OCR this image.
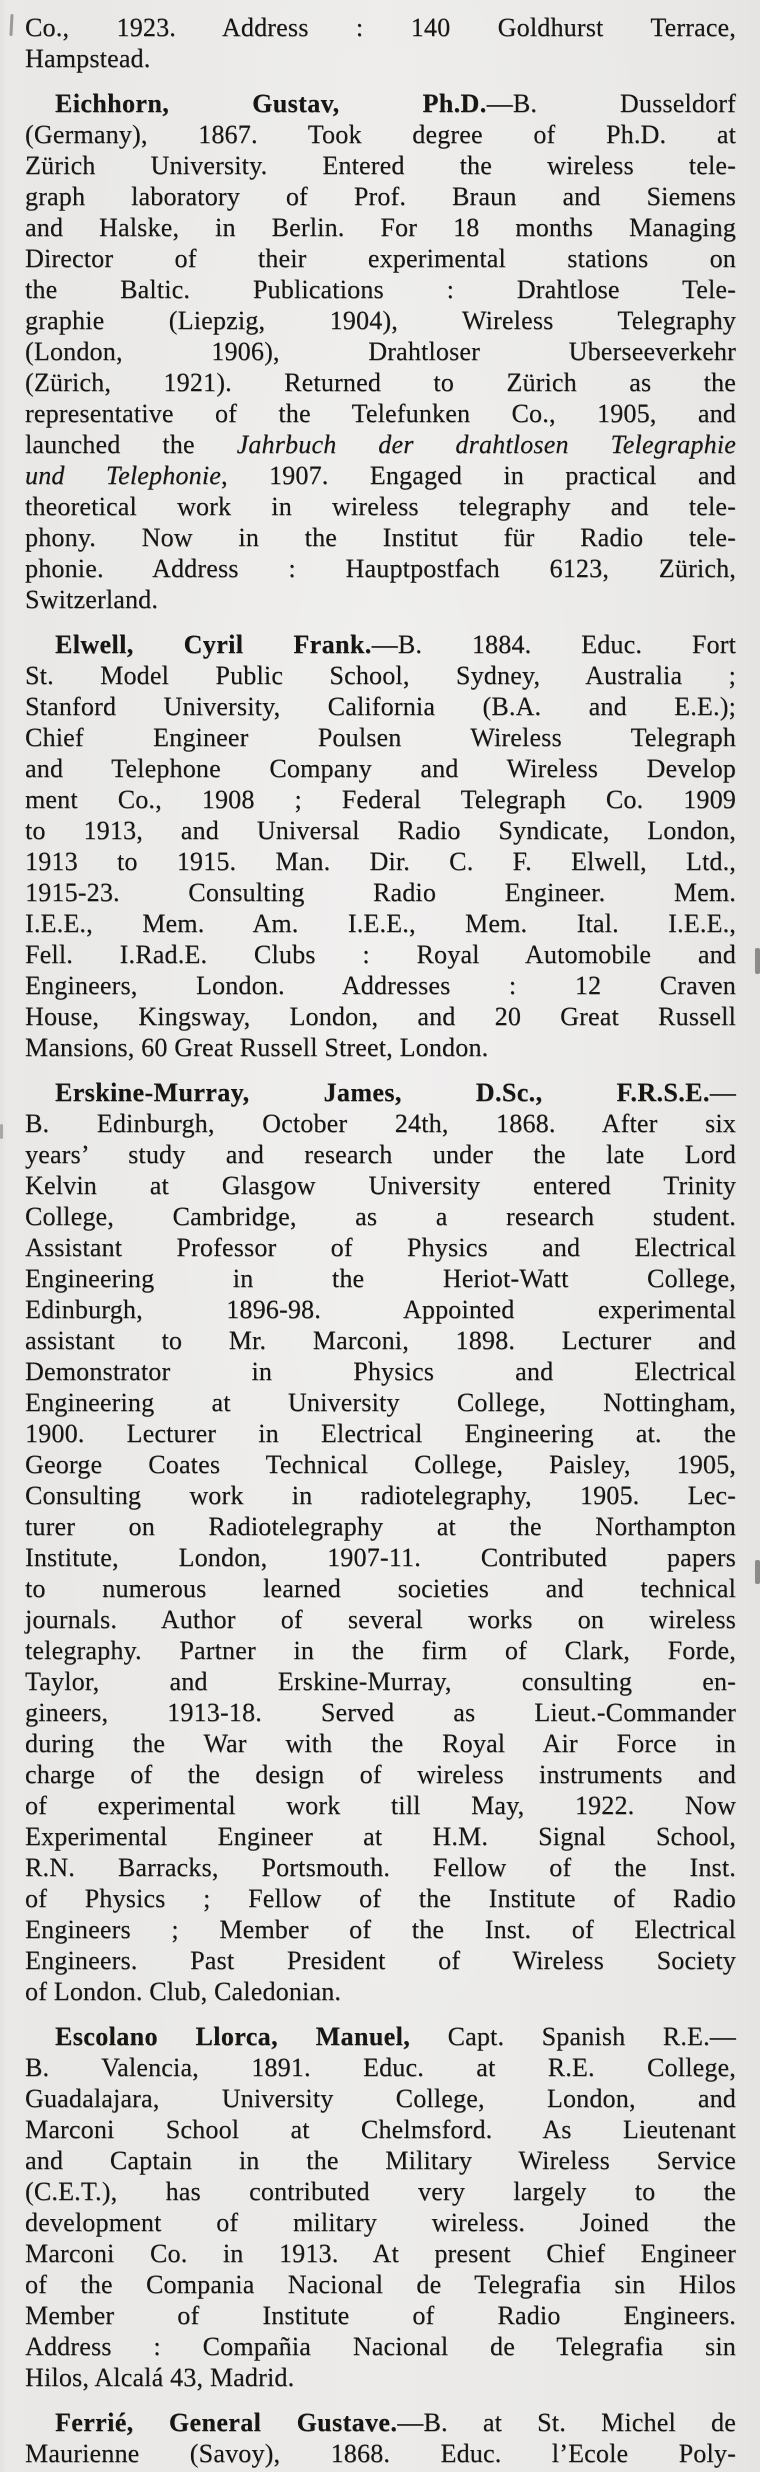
Co., 1923. Address : 140 Goldhurst Terrace,
Hampstead.
Eichhorn, Gustav, Ph.D.—B. Dusseldorf
(Germany), 1867. Took degree of Ph.D. at
Zürich University. Entered the wireless tele-
graph laboratory of Prof. Braun and Siemens
and Halske, in Berlin. For 18 months Managing
Director of their experimental stations on
the Baltic. Publications : Drahtlose Tele-
graphie (Liepzig, 1904), Wireless Telegraphy
(London, 1906), Drahtloser Uberseeverkehr
(Zürich, 1921). Returned to Zürich as the
representative of the Telefunken Co., 1905, and
launched the Jahrbuch der drahtlosen Telegraphie
und Telephonie, 1907. Engaged in practical and
theoretical work in wireless telegraphy and tele-
phony. Now in the Institut für Radio tele-
phonie. Address : Hauptpostfach 6123, Zürich,
Switzerland.
Elwell, Cyril Frank.—B. 1884. Educ. Fort
St. Model Public School, Sydney, Australia ;
Stanford University, California (B.A. and E.E.);
Chief Engineer Poulsen Wireless Telegraph
and Telephone Company and Wireless Develop
ment Co., 1908 ; Federal Telegraph Co. 1909
to 1913, and Universal Radio Syndicate, London,
1913 to 1915. Man. Dir. C. F. Elwell, Ltd.,
1915-23. Consulting Radio Engineer. Mem.
I.E.E., Mem. Am. I.E.E., Mem. Ital. I.E.E.,
Fell. I.Rad.E. Clubs : Royal Automobile and
Engineers, London. Addresses : 12 Craven
House, Kingsway, London, and 20 Great Russell
Mansions, 60 Great Russell Street, London.
Erskine-Murray, James, D.Sc., F.R.S.E.—
B. Edinburgh, October 24th, 1868. After six
years’ study and research under the late Lord
Kelvin at Glasgow University entered Trinity
College, Cambridge, as a research student.
Assistant Professor of Physics and Electrical
Engineering in the Heriot-Watt College,
Edinburgh, 1896-98. Appointed experimental
assistant to Mr. Marconi, 1898. Lecturer and
Demonstrator in Physics and Electrical
Engineering at University College, Nottingham,
1900. Lecturer in Electrical Engineering at. the
George Coates Technical College, Paisley, 1905,
Consulting work in radiotelegraphy, 1905. Lec-
turer on Radiotelegraphy at the Northampton
Institute, London, 1907-11. Contributed papers
to numerous learned societies and technical
journals. Author of several works on wireless
telegraphy. Partner in the firm of Clark, Forde,
Taylor, and Erskine-Murray, consulting en-
gineers, 1913-18. Served as Lieut.-Commander
during the War with the Royal Air Force in
charge of the design of wireless instruments and
of experimental work till May, 1922. Now
Experimental Engineer at H.M. Signal School,
R.N. Barracks, Portsmouth. Fellow of the Inst.
of Physics ; Fellow of the Institute of Radio
Engineers ; Member of the Inst. of Electrical
Engineers. Past President of Wireless Society
of London. Club, Caledonian.
Escolano Llorca, Manuel, Capt. Spanish R.E.—
B. Valencia, 1891. Educ. at R.E. College,
Guadalajara, University College, London, and
Marconi School at Chelmsford. As Lieutenant
and Captain in the Military Wireless Service
(C.E.T.), has contributed very largely to the
development of military wireless. Joined the
Marconi Co. in 1913. At present Chief Engineer
of the Compania Nacional de Telegrafia sin Hilos
Member of Institute of Radio Engineers.
Address : Compañia Nacional de Telegrafia sin
Hilos, Alcalá 43, Madrid.
Ferrié, General Gustave.—B. at St. Michel de
Maurienne (Savoy), 1868. Educ. l’Ecole Poly-
